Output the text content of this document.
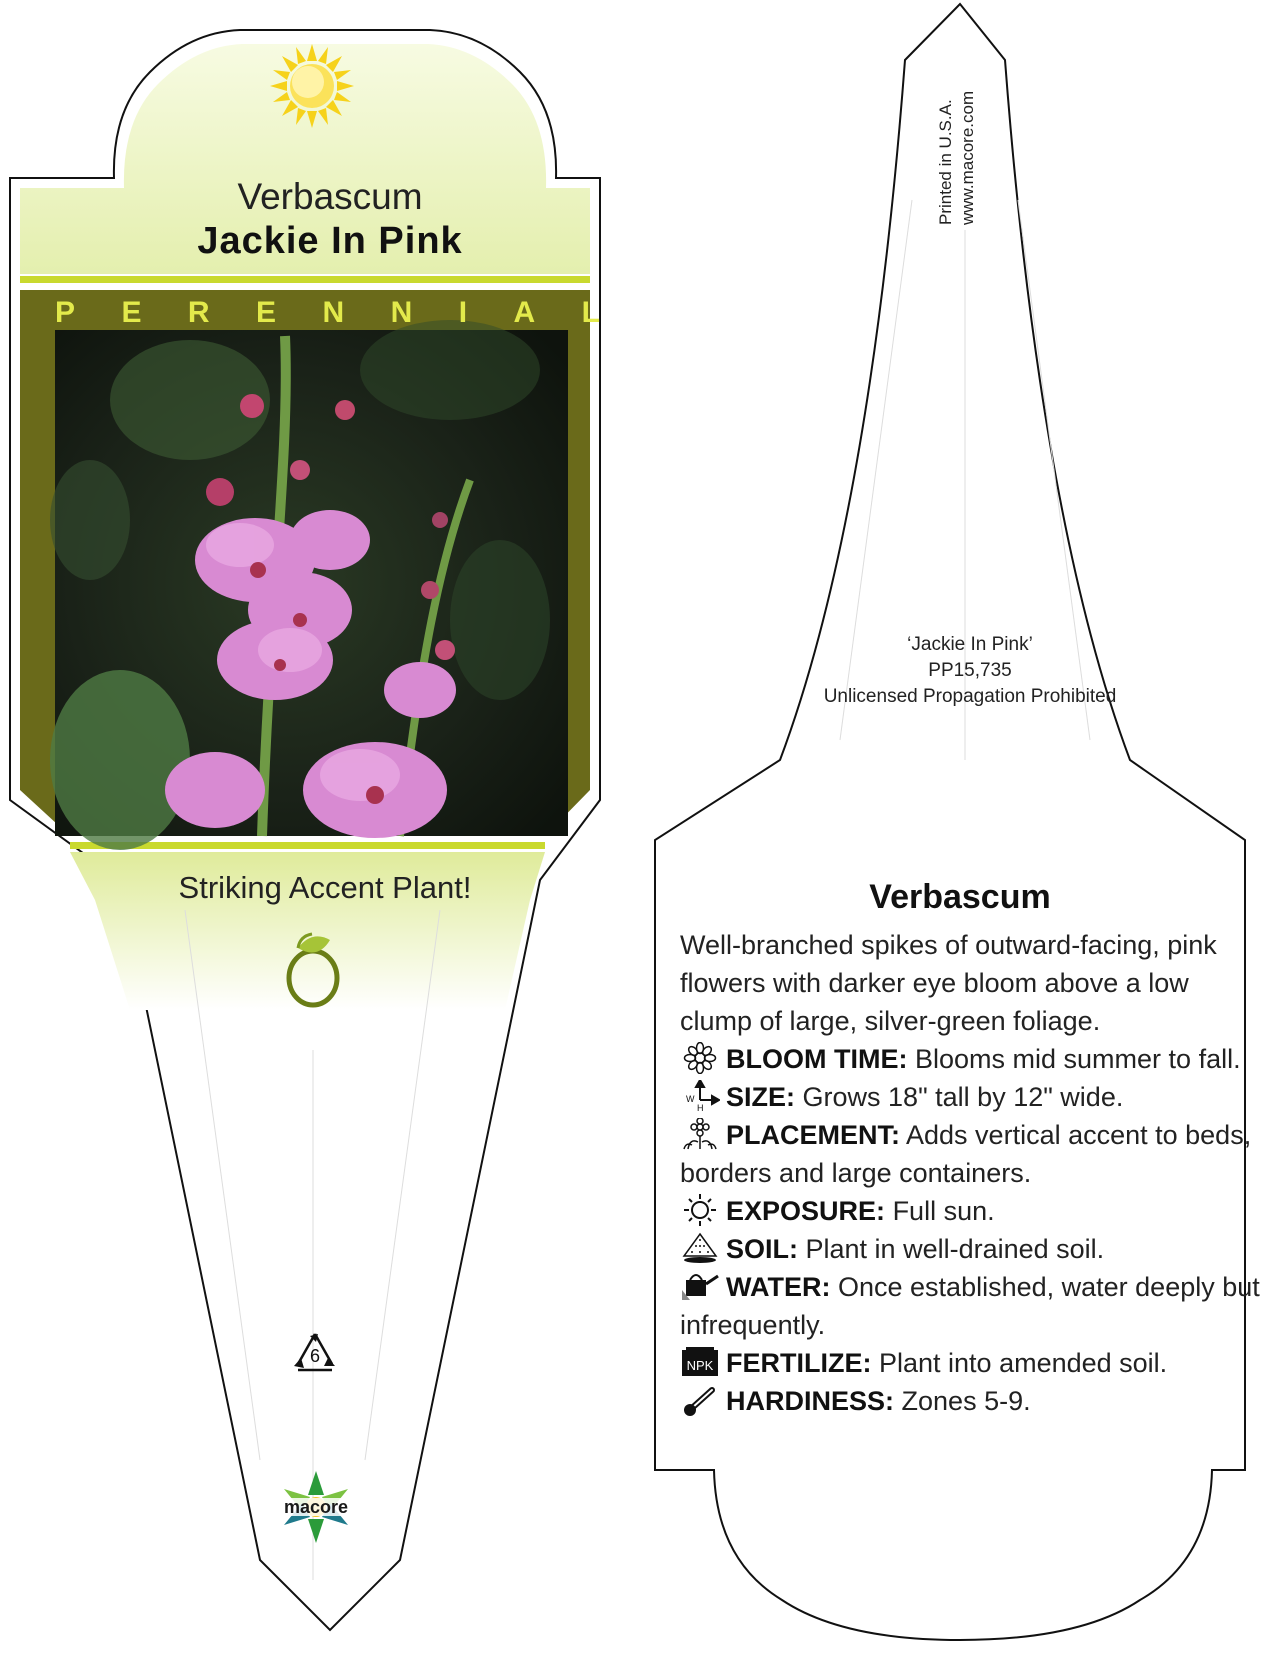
Verbascum
Jackie In Pink
P E R E N N I A L
Striking Accent Plant!
6
macore
Printed in U.S.A. www.macore.com
‘Jackie In Pink’
PP15,735
Unlicensed Propagation Prohibited
Verbascum

Well-branched spikes of outward-facing, pink flowers with darker eye bloom above a low clump of large, silver-green foliage.

BLOOM TIME: Blooms mid summer to fall.
W
H SIZE: Grows 18" tall by 12" wide.
PLACEMENT: Adds vertical accent to beds, borders and large containers.
EXPOSURE: Full sun.
SOIL: Plant in well-drained soil.
WATER: Once established, water deeply but infrequently.
NPK FERTILIZE: Plant into amended soil.
HARDINESS: Zones 5-9.
